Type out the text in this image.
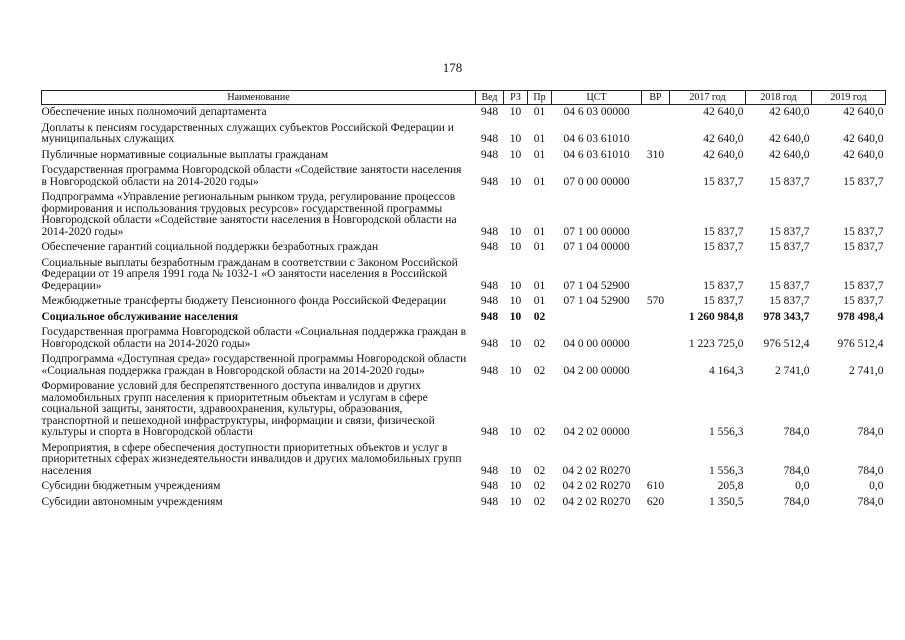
178
Наименование	Вед	РЗ	Пр	ЦСТ	ВР	2017 год	2018 год	2019 год
Обеспечение иных полномочий департамента	948	10	01	04 6 03 00000		42 640,0	42 640,0	42 640,0
Доплаты к пенсиям государственных служащих субъектов Российской Федерации и муниципальных служащих	948	10	01	04 6 03 61010		42 640,0	42 640,0	42 640,0
Публичные нормативные социальные выплаты гражданам	948	10	01	04 6 03 61010	310	42 640,0	42 640,0	42 640,0
Государственная программа Новгородской области «Содействие занятости населения в Новгородской области на 2014-2020 годы»	948	10	01	07 0 00 00000		15 837,7	15 837,7	15 837,7
Подпрограмма «Управление региональным рынком труда, регулирование процессов формирования и использования трудовых ресурсов» государственной программы Новгородской области «Содействие занятости населения в Новгородской области на 2014-2020 годы»	948	10	01	07 1 00 00000		15 837,7	15 837,7	15 837,7
Обеспечение гарантий социальной поддержки безработных граждан	948	10	01	07 1 04 00000		15 837,7	15 837,7	15 837,7
Социальные выплаты безработным гражданам в соответствии с Законом Российской Федерации от 19 апреля 1991 года № 1032-1 «О занятости населения в Российской Федерации»	948	10	01	07 1 04 52900		15 837,7	15 837,7	15 837,7
Межбюджетные трансферты бюджету Пенсионного фонда Российской Федерации	948	10	01	07 1 04 52900	570	15 837,7	15 837,7	15 837,7
Социальное обслуживание населения	948	10	02			1 260 984,8	978 343,7	978 498,4
Государственная программа Новгородской области «Социальная поддержка граждан в Новгородской области на 2014-2020 годы»	948	10	02	04 0 00 00000		1 223 725,0	976 512,4	976 512,4
Подпрограмма «Доступная среда» государственной программы Новгородской области «Социальная поддержка граждан в Новгородской области на 2014-2020 годы»	948	10	02	04 2 00 00000		4 164,3	2 741,0	2 741,0
Формирование условий для беспрепятственного доступа инвалидов и других маломобильных групп населения к приоритетным объектам и услугам в сфере социальной защиты, занятости, здравоохранения, культуры, образования, транспортной и пешеходной инфраструктуры, информации и связи, физической культуры и спорта в Новгородской области	948	10	02	04 2 02 00000		1 556,3	784,0	784,0
Мероприятия, в сфере обеспечения доступности приоритетных объектов и услуг в приоритетных сферах жизнедеятельности инвалидов и других маломобильных групп населения	948	10	02	04 2 02 R0270		1 556,3	784,0	784,0
Субсидии бюджетным учреждениям	948	10	02	04 2 02 R0270	610	205,8	0,0	0,0
Субсидии автономным учреждениям	948	10	02	04 2 02 R0270	620	1 350,5	784,0	784,0
